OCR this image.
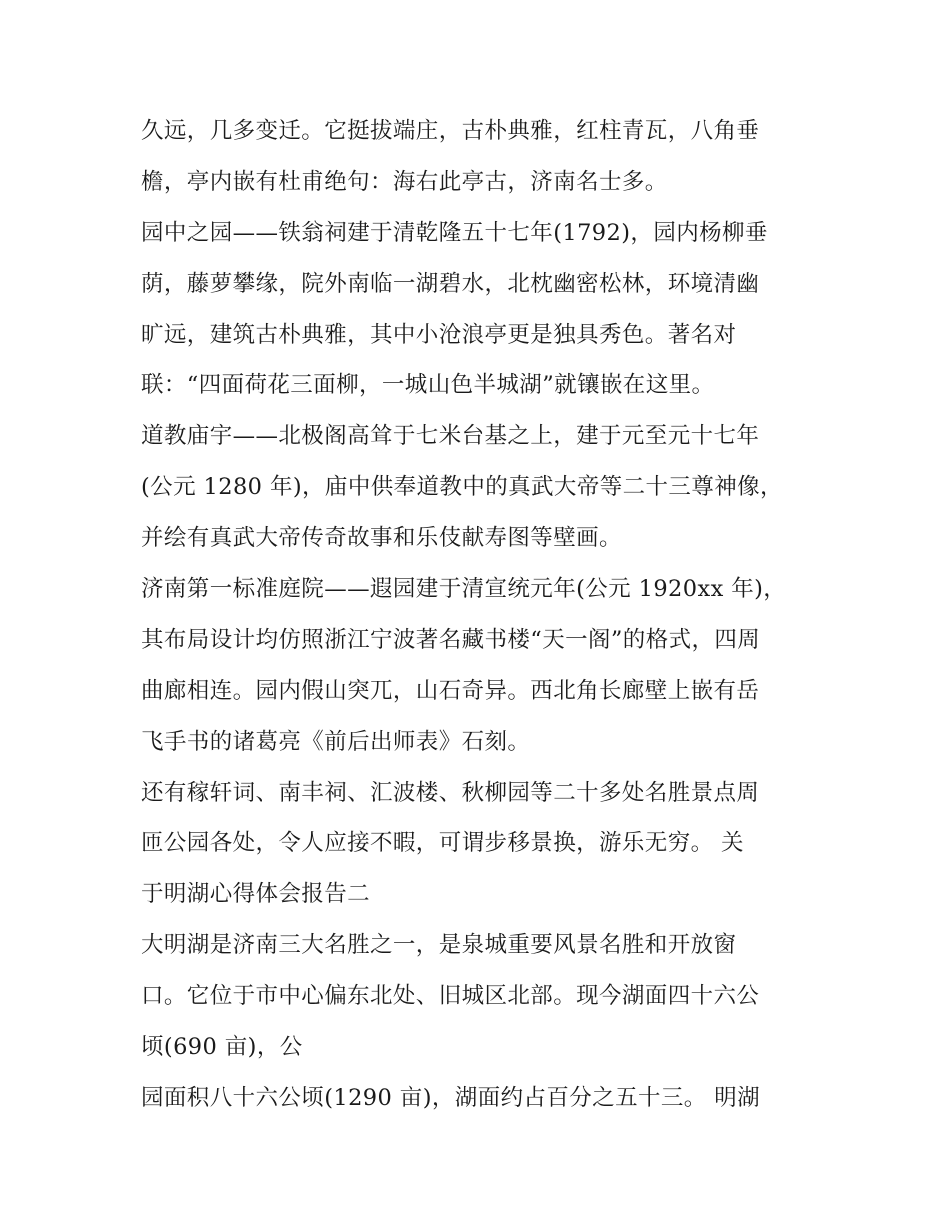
久远，几多变迁。它挺拔端庄，古朴典雅，红柱青瓦，八角垂
檐，亭内嵌有杜甫绝句：海右此亭古，济南名士多。
园中之园——铁翁祠建于清乾隆五十七年(1792)，园内杨柳垂
荫，藤萝攀缘，院外南临一湖碧水，北枕幽密松林，环境清幽
旷远，建筑古朴典雅，其中小沧浪亭更是独具秀色。著名对
联：“四面荷花三面柳，一城山色半城湖”就镶嵌在这里。
道教庙宇——北极阁高耸于七米台基之上，建于元至元十七年
(公元 1280 年)，庙中供奉道教中的真武大帝等二十三尊神像，
并绘有真武大帝传奇故事和乐伎献寿图等壁画。
济南第一标准庭院——遐园建于清宣统元年(公元 1920xx 年)，
其布局设计均仿照浙江宁波著名藏书楼“天一阁”的格式，四周
曲廊相连。园内假山突兀，山石奇异。西北角长廊壁上嵌有岳
飞手书的诸葛亮《前后出师表》石刻。
还有稼轩词、南丰祠、汇波楼、秋柳园等二十多处名胜景点周
匝公园各处，令人应接不暇，可谓步移景换，游乐无穷。 关
于明湖心得体会报告二
大明湖是济南三大名胜之一，是泉城重要风景名胜和开放窗
口。它位于市中心偏东北处、旧城区北部。现今湖面四十六公
顷(690 亩)，公
园面积八十六公顷(1290 亩)，湖面约占百分之五十三。 明湖
